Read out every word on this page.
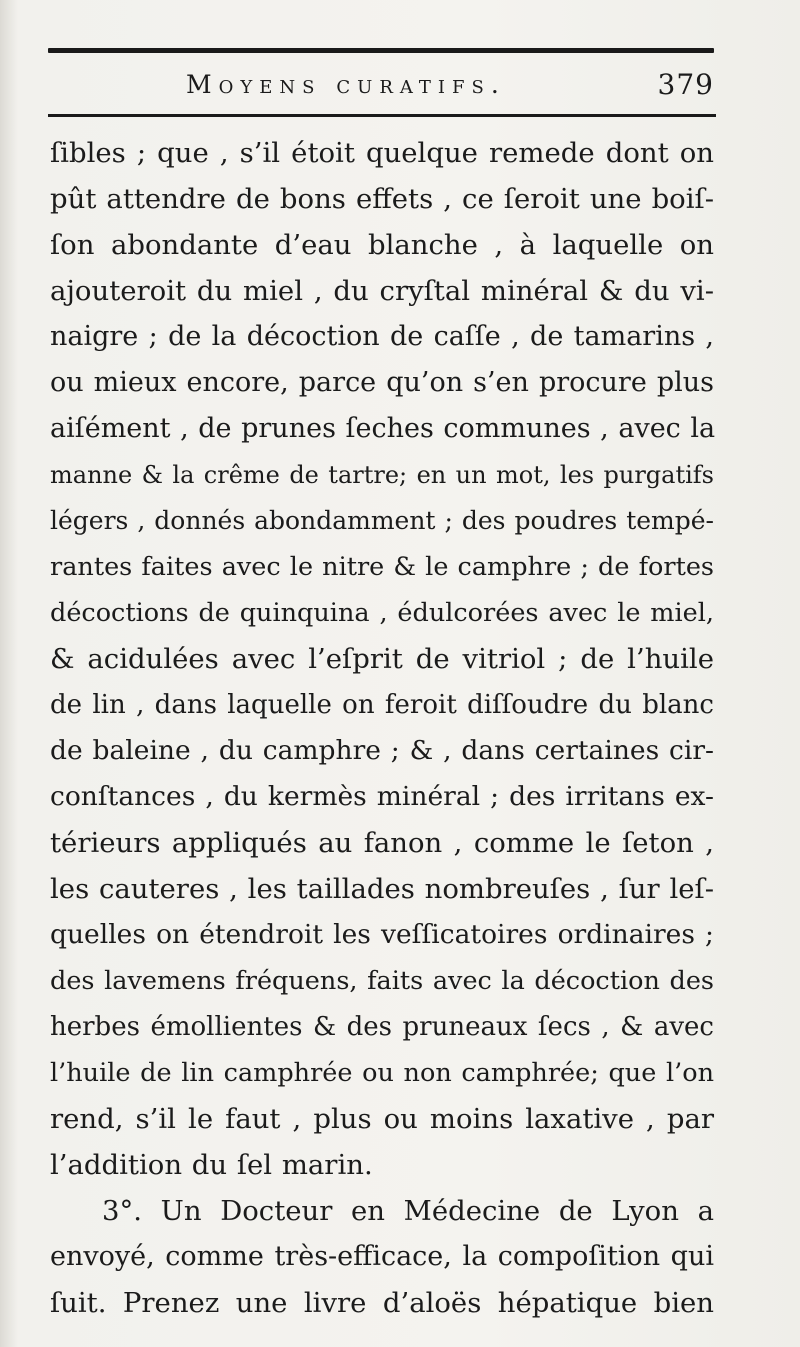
Moyens curatifs.	379
ſibles ; que , s’il étoit quelque remede dont on
pût attendre de bons effets , ce ſeroit une boiſ-
ſon abondante d’eau blanche , à laquelle on
ajouteroit du miel , du cryſtal minéral & du vi-
naigre ; de la décoction de caſſe , de tamarins ,
ou mieux encore, parce qu’on s’en procure plus
aiſément , de prunes ſeches communes , avec la
manne & la crême de tartre; en un mot, les purgatifs
légers , donnés abondamment ; des poudres tempé-
rantes faites avec le nitre & le camphre ; de fortes
décoctions de quinquina , édulcorées avec le miel,
& acidulées avec l’eſprit de vitriol ; de l’huile
de lin , dans laquelle on feroit diſſoudre du blanc
de baleine , du camphre ; & , dans certaines cir-
conſtances , du kermès minéral ; des irritans ex-
térieurs appliqués au fanon , comme le ſeton ,
les cauteres , les taillades nombreuſes , ſur leſ-
quelles on étendroit les veſſicatoires ordinaires ;
des lavemens fréquens, faits avec la décoction des
herbes émollientes & des pruneaux ſecs , & avec
l’huile de lin camphrée ou non camphrée; que l’on
rend, s’il le faut , plus ou moins laxative , par
l’addition du ſel marin.
3°. Un Docteur en Médecine de Lyon a
envoyé, comme très-efficace, la compoſition qui
ſuit. Prenez une livre d’aloës hépatique bien
